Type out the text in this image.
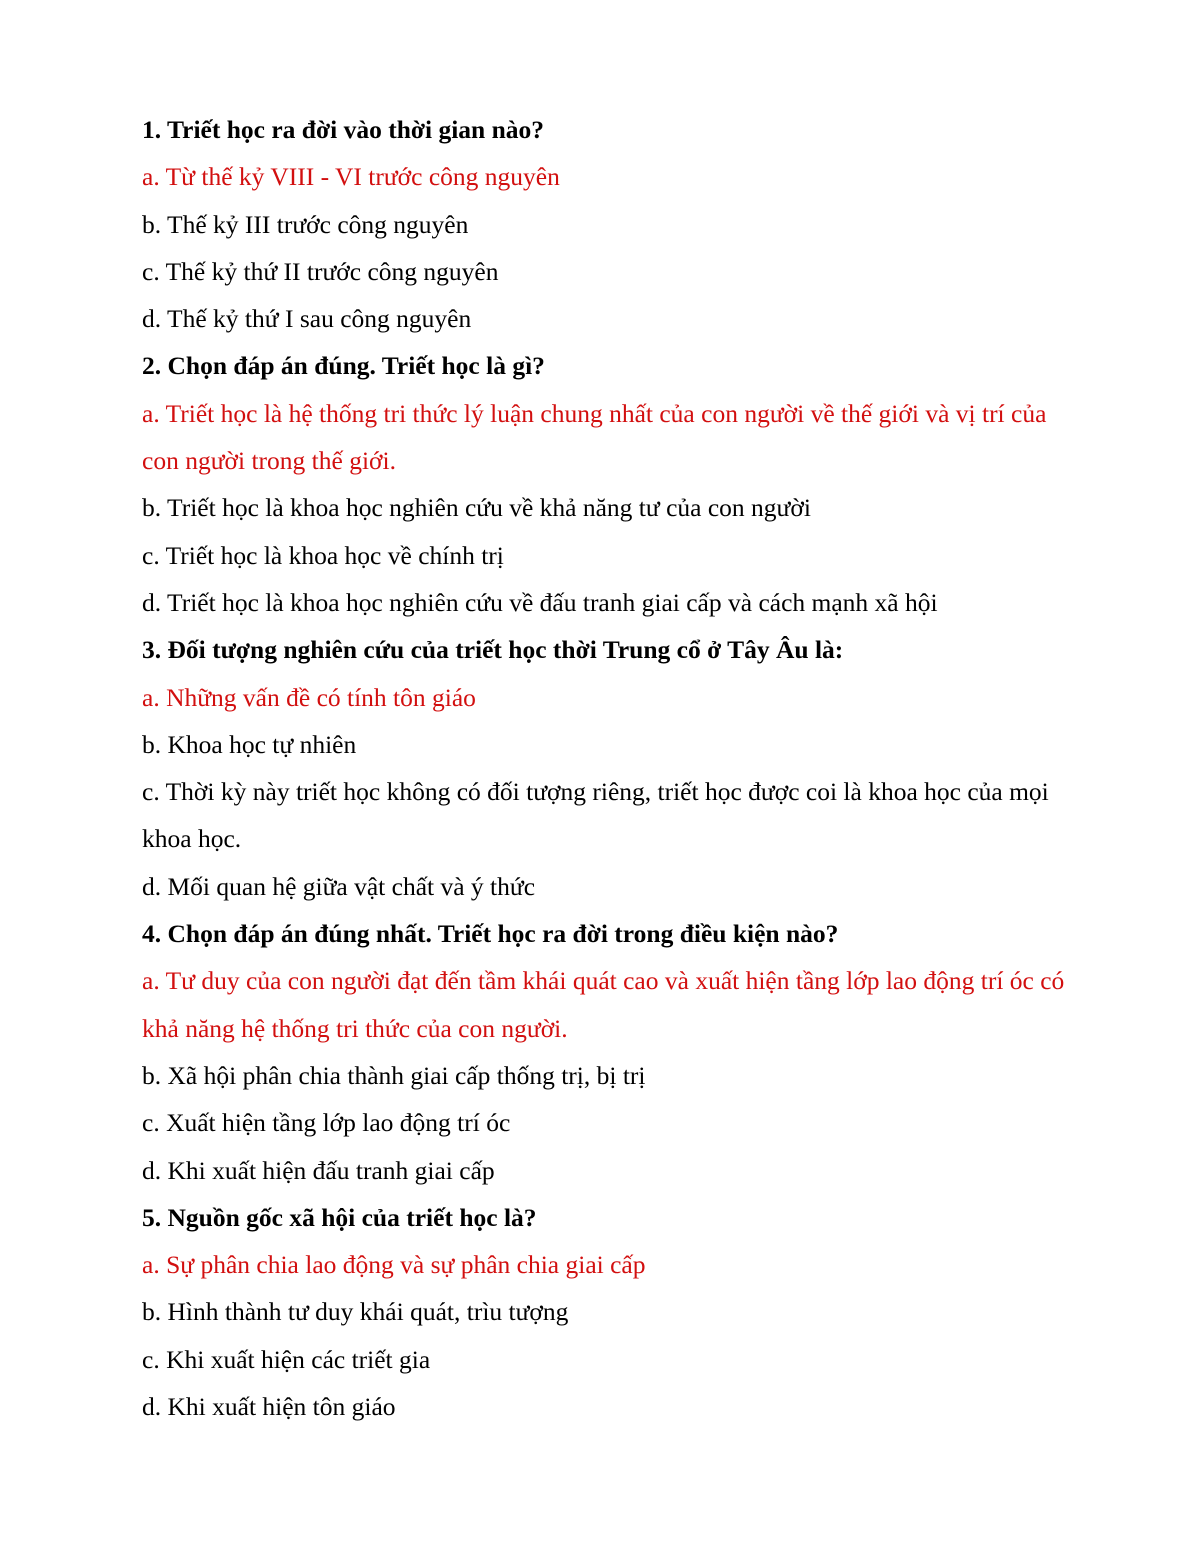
1. Triết học ra đời vào thời gian nào?

a. Từ thế kỷ VIII - VI trước công nguyên

b. Thế kỷ III trước công nguyên

c. Thế kỷ thứ II trước công nguyên

d. Thế kỷ thứ I sau công nguyên

2. Chọn đáp án đúng. Triết học là gì?

a. Triết học là hệ thống tri thức lý luận chung nhất của con người về thế giới và vị trí của con người trong thế giới.

b. Triết học là khoa học nghiên cứu về khả năng tư của con người

c. Triết học là khoa học về chính trị

d. Triết học là khoa học nghiên cứu về đấu tranh giai cấp và cách mạnh xã hội

3. Đối tượng nghiên cứu của triết học thời Trung cổ ở Tây Âu là:

a. Những vấn đề có tính tôn giáo

b. Khoa học tự nhiên

c. Thời kỳ này triết học không có đối tượng riêng, triết học được coi là khoa học của mọi khoa học.

d. Mối quan hệ giữa vật chất và ý thức

4. Chọn đáp án đúng nhất. Triết học ra đời trong điều kiện nào?

a. Tư duy của con người đạt đến tầm khái quát cao và xuất hiện tầng lớp lao động trí óc có khả năng hệ thống tri thức của con người.

b. Xã hội phân chia thành giai cấp thống trị, bị trị

c. Xuất hiện tầng lớp lao động trí óc

d. Khi xuất hiện đấu tranh giai cấp

5. Nguồn gốc xã hội của triết học là?

a. Sự phân chia lao động và sự phân chia giai cấp

b. Hình thành tư duy khái quát, trìu tượng

c. Khi xuất hiện các triết gia

d. Khi xuất hiện tôn giáo
